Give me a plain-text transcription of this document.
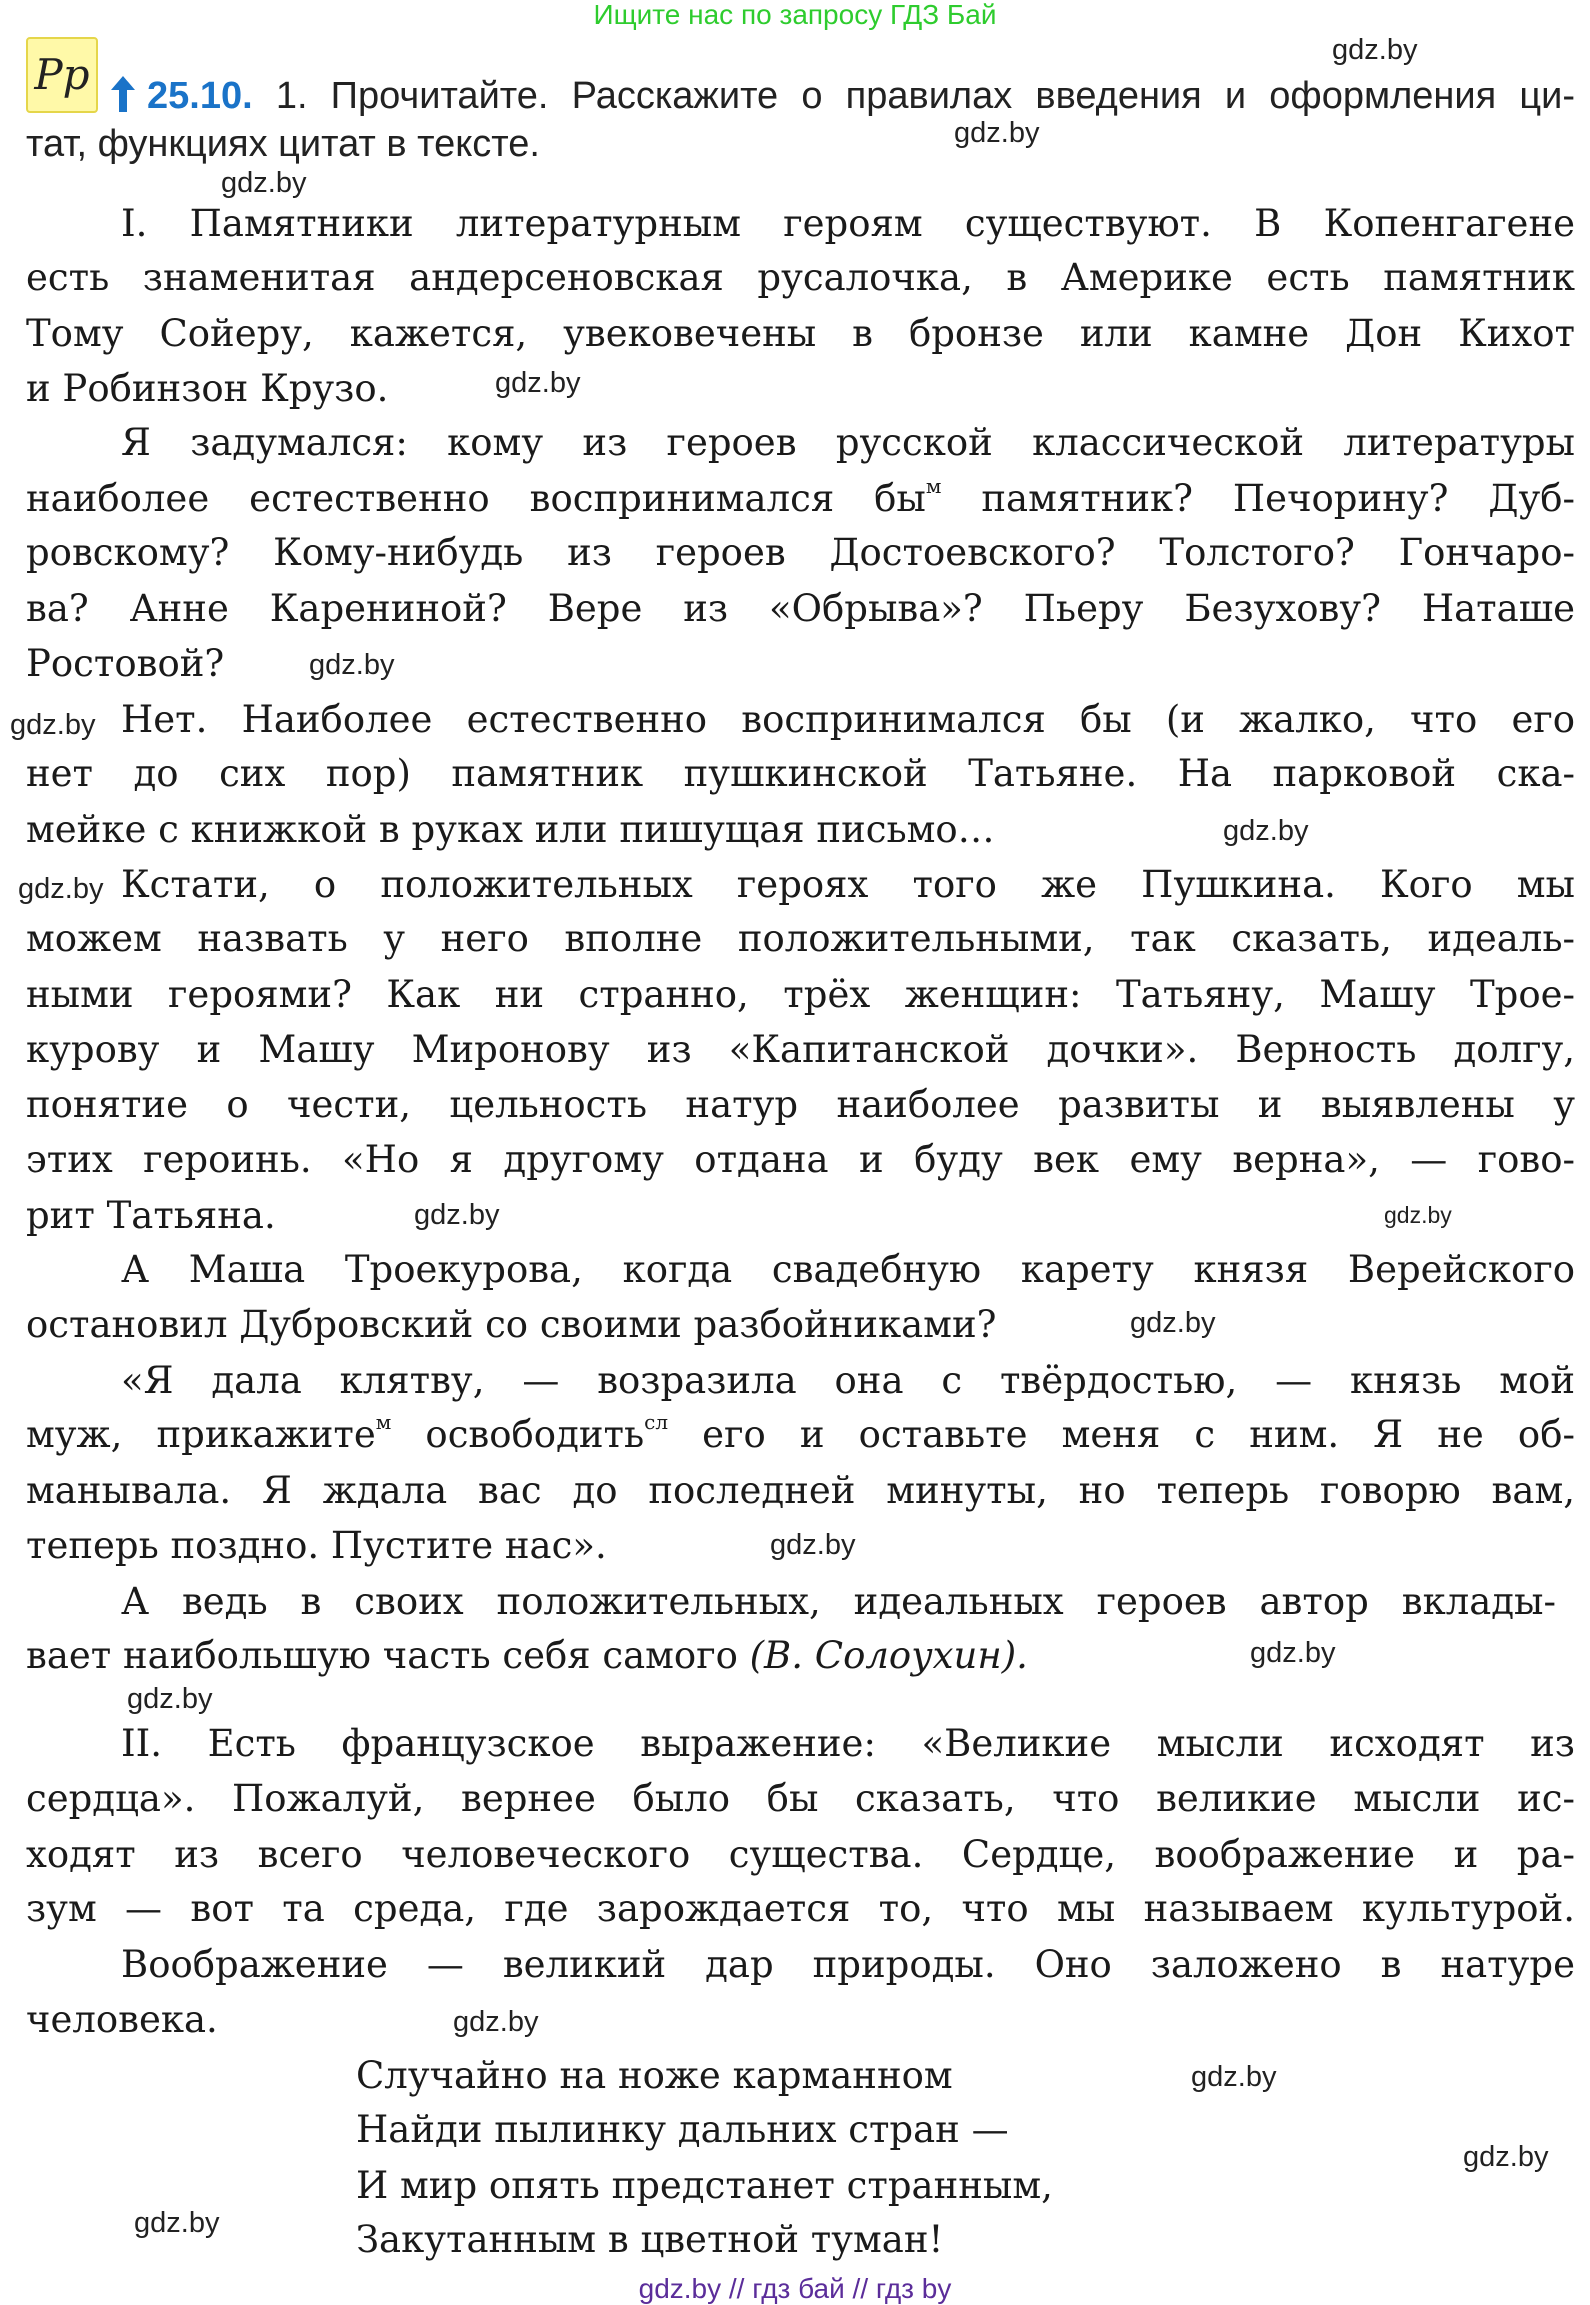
Ищите нас по запросу ГДЗ Бай
Pp 25.10. 1. Прочитайте. Расскажите о правилах введения и оформления ци-
тат, функциях цитат в тексте.
I. Памятники литературным героям существуют. В Копенгагене
есть знаменитая андерсеновская русалочка, в Америке есть памятник
Тому Сойеру, кажется, увековечены в бронзе или камне Дон Кихот
и Робинзон Крузо.
Я задумался: кому из героев русской классической литературы
наиболее естественно воспринимался $бы^м$ памятник? Печорину? Дуб-
ровскому? Кому-нибудь из героев Достоевского? Толстого? Гончаро-
ва? Анне Карениной? Вере из «Обрыва»? Пьеру Безухову? Наташе
Ростовой?
Нет. Наиболее естественно воспринимался бы (и жалко, что его
нет до сих пор) памятник пушкинской Татьяне. На парковой ска-
мейке с книжкой в руках или пишущая письмо…
Кстати, о положительных героях того же Пушкина. Кого мы
можем назвать у него вполне положительными, так сказать, идеаль-
ными героями? Как ни странно, трёх женщин: Татьяну, Машу Трое-
курову и Машу Миронову из «Капитанской дочки». Верность долгу,
понятие о чести, цельность натур наиболее развиты и выявлены у
этих героинь. «Но я другому отдана и буду век ему верна», — гово-
рит Татьяна.
А Маша Троекурова, когда свадебную карету князя Верейского
остановил Дубровский со своими разбойниками?
«Я дала клятву, — возразила она с твёрдостью, — князь мой
муж, прикажите$^м$ освободить$^{сл}$ его и оставьте меня с ним. Я не об-
манывала. Я ждала вас до последней минуты, но теперь говорю вам,
теперь поздно. Пустите нас».
А ведь в своих положительных, идеальных героев автор вклады-
вает наибольшую часть себя самого (В. Солоухин).
II. Есть французское выражение: «Великие мысли исходят из
сердца». Пожалуй, вернее было бы сказать, что великие мысли ис-
ходят из всего человеческого существа. Сердце, воображение и ра-
зум — вот та среда, где зарождается то, что мы называем культурой.
Воображение — великий дар природы. Оно заложено в натуре
человека.
Случайно на ноже карманном
Найди пылинку дальних стран —
И мир опять предстанет странным,
Закутанным в цветной туман!
gdz.by
gdz.by
gdz.by
gdz.by
gdz.by
gdz.by
gdz.by
gdz.by
gdz.by
gdz.by
gdz.by
gdz.by
gdz.by
gdz.by
gdz.by
gdz.by
gdz.by
gdz.by
gdz.by // гдз бай // гдз by
